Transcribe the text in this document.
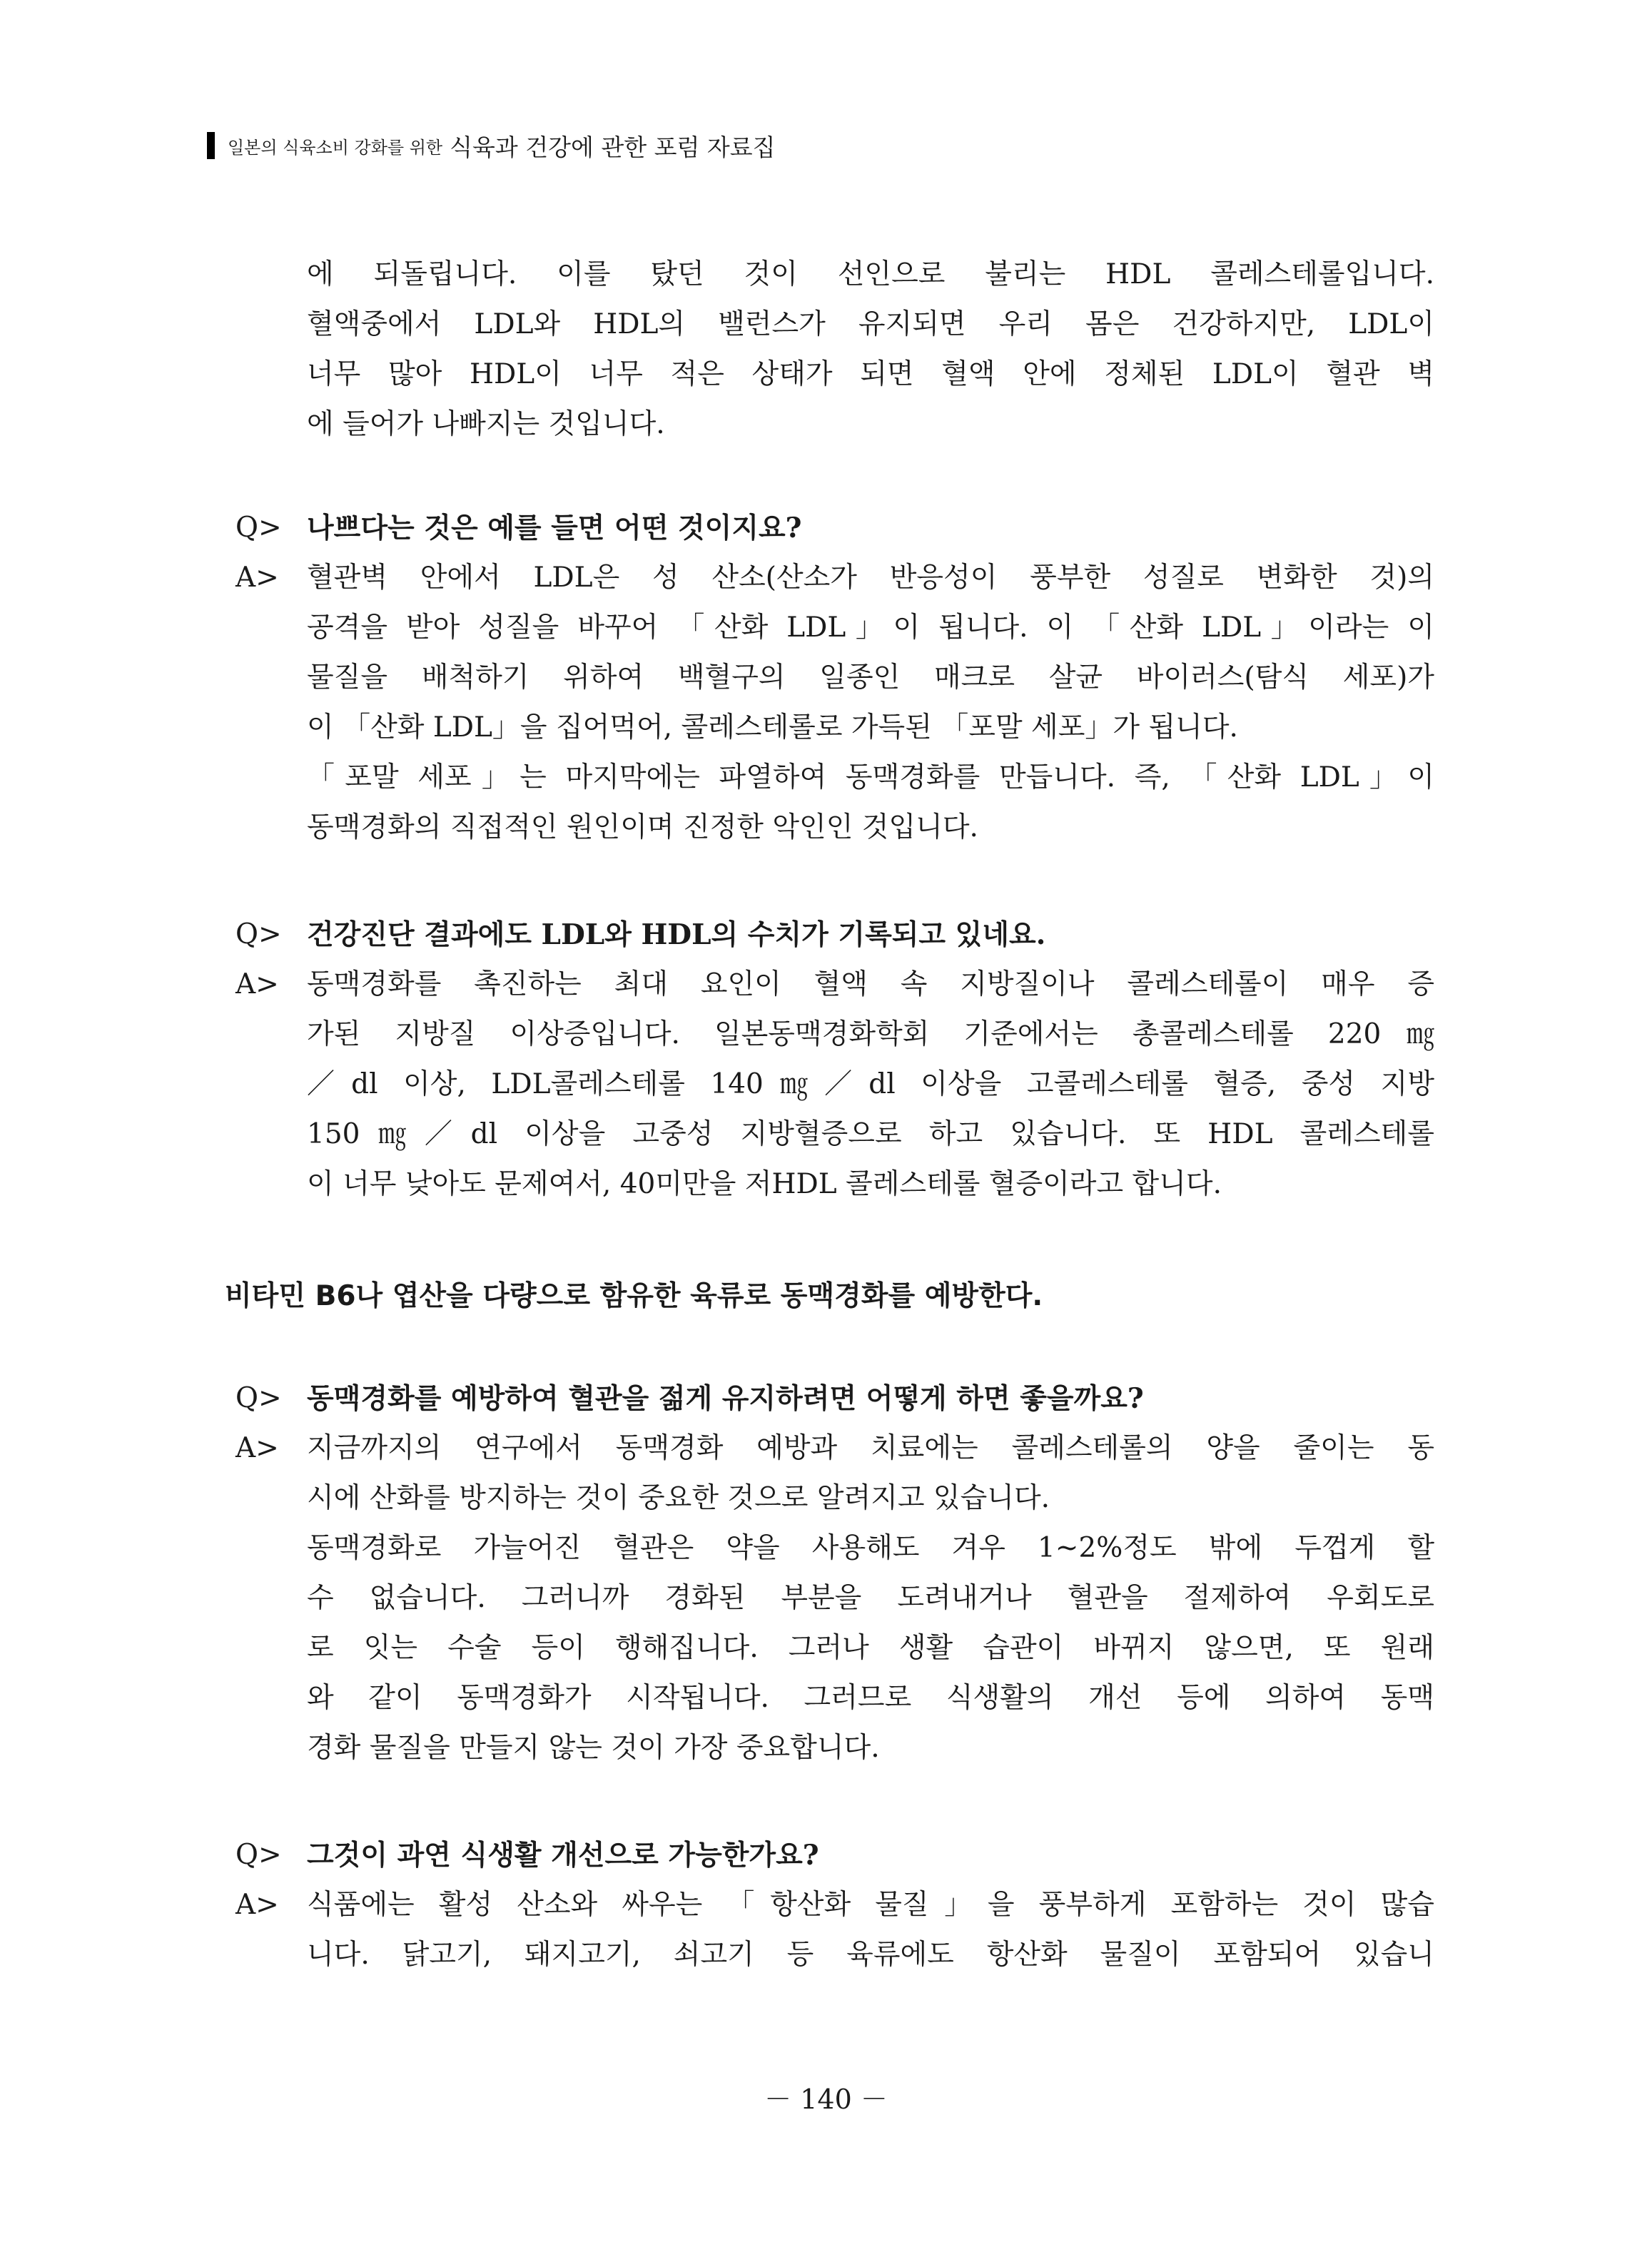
일본의 식육소비 강화를 위한 식육과 건강에 관한 포럼 자료집
에 되돌립니다. 이를 탔던 것이 선인으로 불리는 HDL 콜레스테롤입니다.
혈액중에서 LDL와 HDL의 밸런스가 유지되면 우리 몸은 건강하지만, LDL이
너무 많아 HDL이 너무 적은 상태가 되면 혈액 안에 정체된 LDL이 혈관 벽
에 들어가 나빠지는 것입니다.
Q> 나쁘다는 것은 예를 들면 어떤 것이지요?
A> 혈관벽 안에서 LDL은 성 산소(산소가 반응성이 풍부한 성질로 변화한 것)의
공격을 받아 성질을 바꾸어 「산화 LDL」이 됩니다. 이 「산화 LDL」이라는 이
물질을 배척하기 위하여 백혈구의 일종인 매크로 살균 바이러스(탐식 세포)가
이 「산화 LDL」을 집어먹어, 콜레스테롤로 가득된 「포말 세포」가 됩니다.
「포말 세포」는 마지막에는 파열하여 동맥경화를 만듭니다. 즉, 「산화 LDL」이
동맥경화의 직접적인 원인이며 진정한 악인인 것입니다.
Q> 건강진단 결과에도 LDL와 HDL의 수치가 기록되고 있네요.
A> 동맥경화를 촉진하는 최대 요인이 혈액 속 지방질이나 콜레스테롤이 매우 증
가된 지방질 이상증입니다. 일본동맥경화학회 기준에서는 총콜레스테롤 220㎎
／dl 이상, LDL콜레스테롤 140㎎／dl 이상을 고콜레스테롤 혈증, 중성 지방
150㎎／dl 이상을 고중성 지방혈증으로 하고 있습니다. 또 HDL 콜레스테롤
이 너무 낮아도 문제여서, 40미만을 저HDL 콜레스테롤 혈증이라고 합니다.
Q> 동맥경화를 예방하여 혈관을 젊게 유지하려면 어떻게 하면 좋을까요?
A> 지금까지의 연구에서 동맥경화 예방과 치료에는 콜레스테롤의 양을 줄이는 동
시에 산화를 방지하는 것이 중요한 것으로 알려지고 있습니다.
동맥경화로 가늘어진 혈관은 약을 사용해도 겨우 1~2%정도 밖에 두껍게 할
수 없습니다. 그러니까 경화된 부분을 도려내거나 혈관을 절제하여 우회도로
로 잇는 수술 등이 행해집니다. 그러나 생활 습관이 바뀌지 않으면, 또 원래
와 같이 동맥경화가 시작됩니다. 그러므로 식생활의 개선 등에 의하여 동맥
경화 물질을 만들지 않는 것이 가장 중요합니다.
Q> 그것이 과연 식생활 개선으로 가능한가요?
A> 식품에는 활성 산소와 싸우는 「항산화 물질」을 풍부하게 포함하는 것이 많습
니다. 닭고기, 돼지고기, 쇠고기 등 육류에도 항산화 물질이 포함되어 있습니
비타민 B6나 엽산을 다량으로 함유한 육류로 동맥경화를 예방한다.
－ 140 －
